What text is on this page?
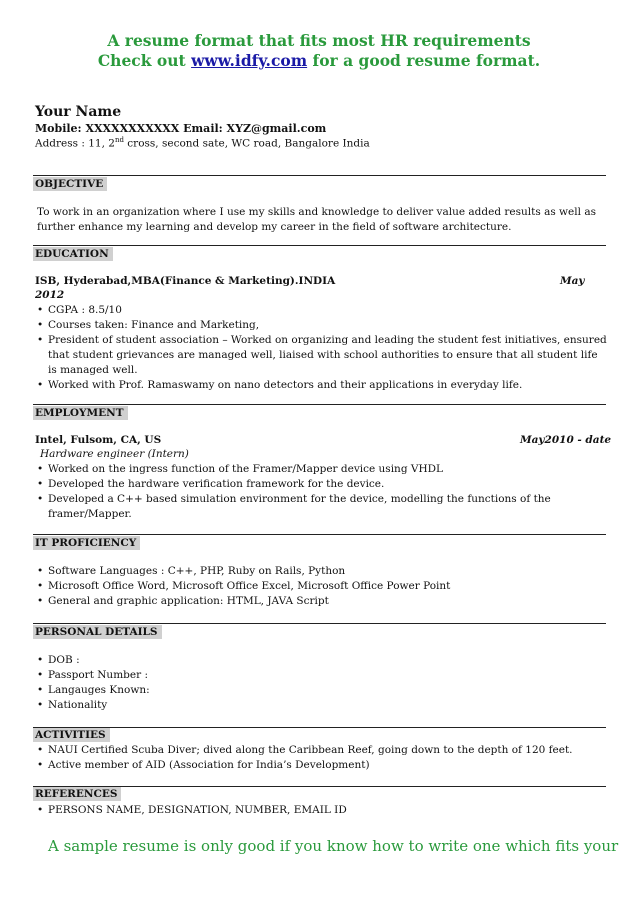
A resume format that fits most HR requirements
Check out www.idfy.com for a good resume format.
Your Name
Mobile: XXXXXXXXXXX Email: XYZ@gmail.com
Address : 11, 2nd cross, second sate, WC road, Bangalore India
OBJECTIVE
To work in an organization where I use my skills and knowledge to deliver value added results as well as further enhance my learning and develop my career in the field of software architecture.
EDUCATION
ISB, Hyderabad,MBA(Finance & Marketing).INDIA	May
2012
• CGPA : 8.5/10
• Courses taken: Finance and Marketing,
• President of student association – Worked on organizing and leading the student fest initiatives, ensured that student grievances are managed well, liaised with school authorities to ensure that all student life is managed well.
• Worked with Prof. Ramaswamy on nano detectors and their applications in everyday life.
EMPLOYMENT
Intel, Fulsom, CA, US	May2010 - date
Hardware engineer (Intern)
• Worked on the ingress function of the Framer/Mapper device using VHDL
• Developed the hardware verification framework for the device.
• Developed a C++ based simulation environment for the device, modelling the functions of the framer/Mapper.
IT PROFICIENCY
• Software Languages : C++, PHP, Ruby on Rails, Python
• Microsoft Office Word, Microsoft Office Excel, Microsoft Office Power Point
• General and graphic application: HTML, JAVA Script
PERSONAL DETAILS
• DOB :
• Passport Number :
• Langauges Known:
• Nationality
ACTIVITIES
• NAUI Certified Scuba Diver; dived along the Caribbean Reef, going down to the depth of 120 feet.
• Active member of AID (Association for India’s Development)
REFERENCES
• PERSONS NAME, DESIGNATION, NUMBER, EMAIL ID
A sample resume is only good if you know how to write one which fits your
